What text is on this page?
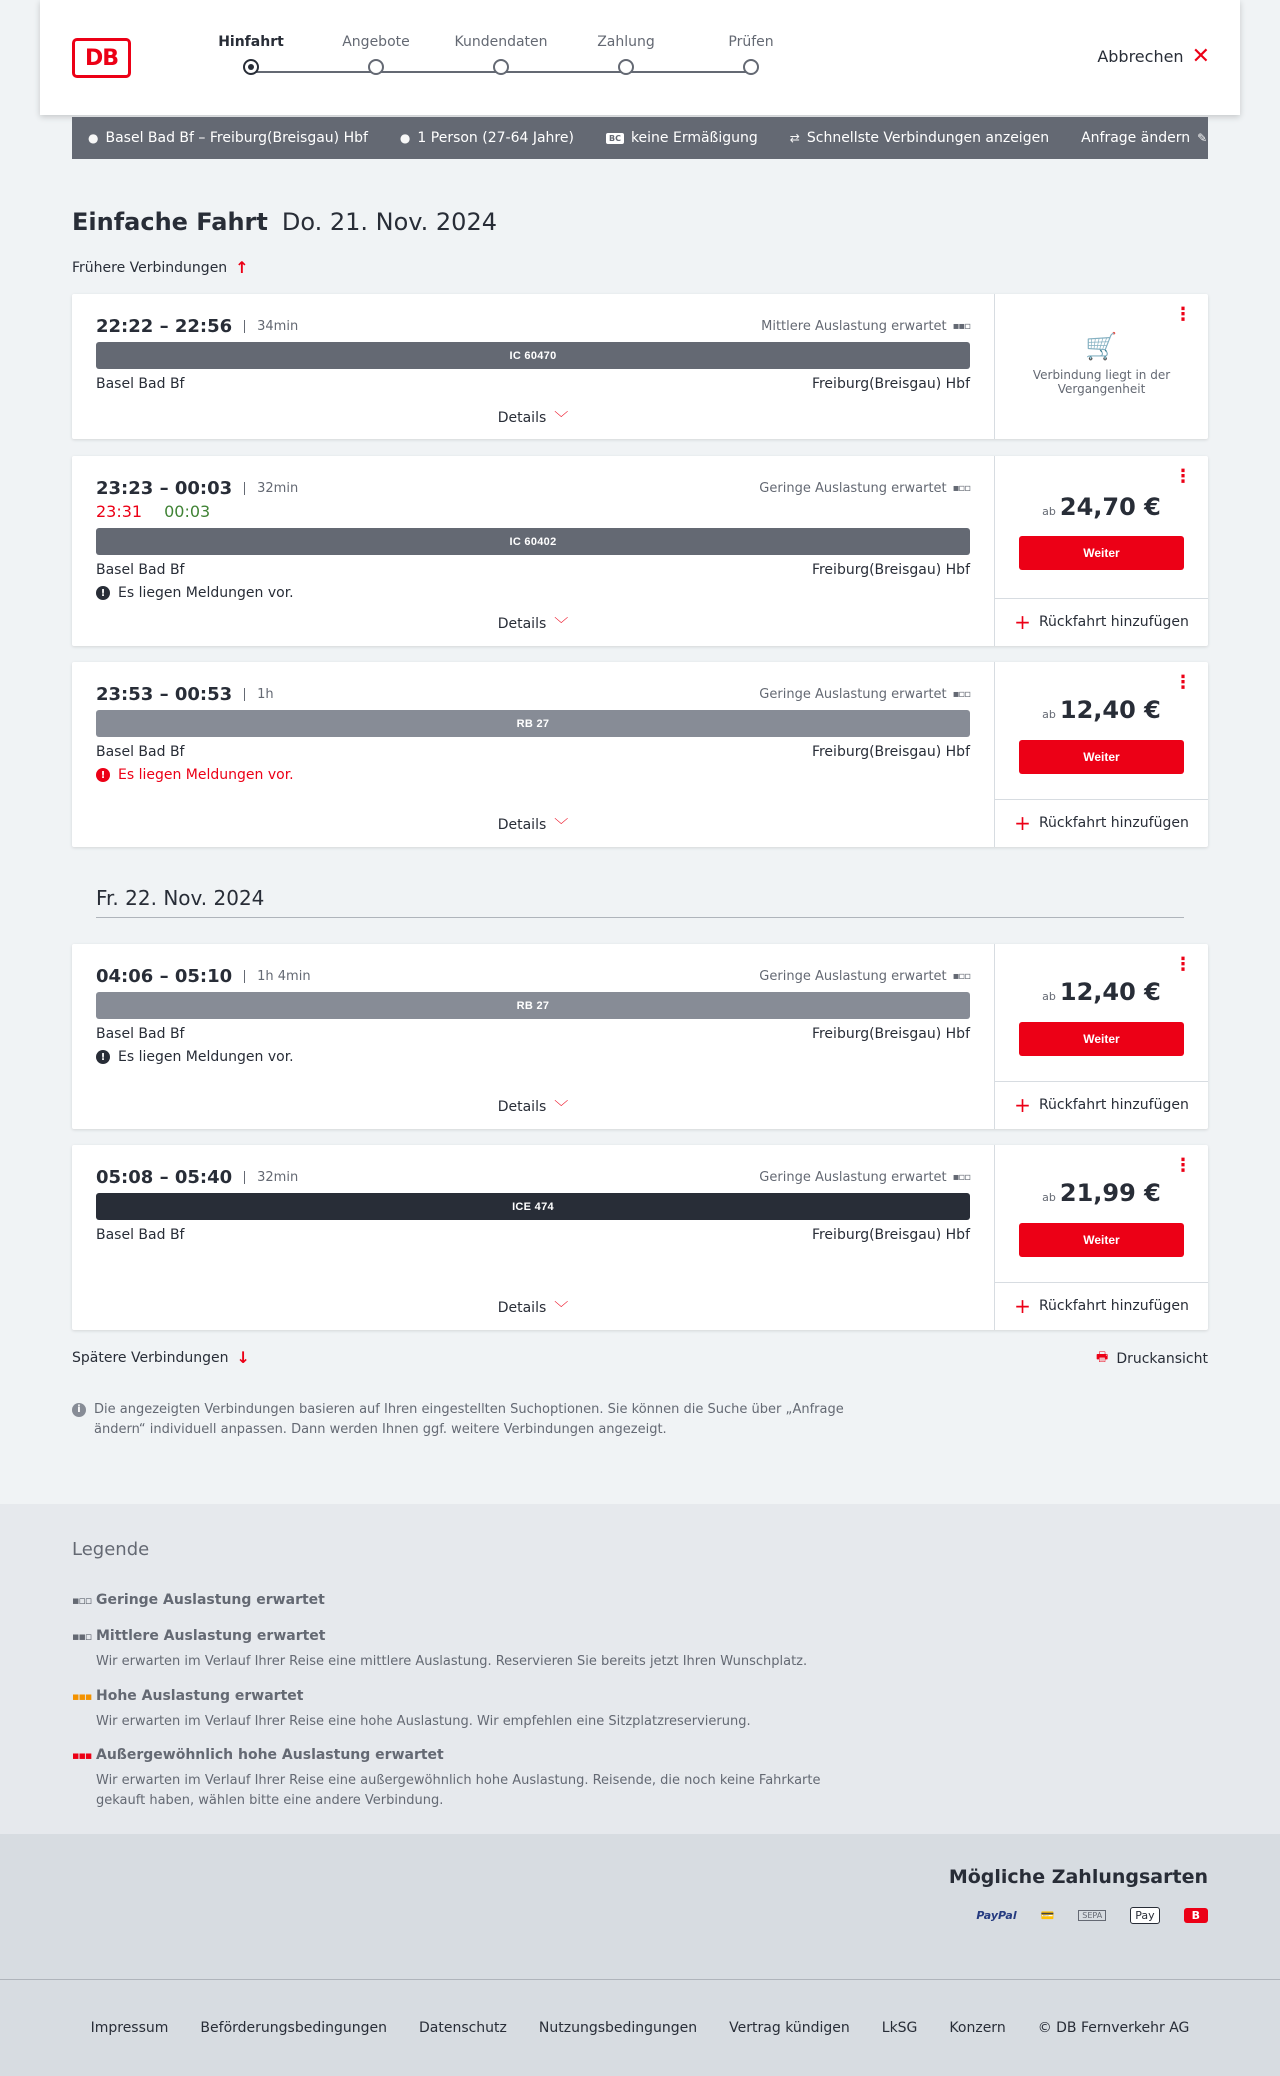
DB
Hinfahrt	Angebote	Kundendaten	Zahlung	Prüfen
Abbrechen ✕
● Basel Bad Bf – Freiburg(Breisgau) Hbf	● 1 Person (27-64 Jahre)	BC keine Ermäßigung	⇄ Schnellste Verbindungen anzeigen Anfrage ändern ✎
Einfache Fahrt Do. 21. Nov. 2024
Frühere Verbindungen ↑
22:22 – 22:56	34min	Mittlere Auslastung erwartet ▪▪▫
IC 60470
Basel Bad Bf	Freiburg(Breisgau) Hbf
Details ﹀
⋮
🛒
Verbindung liegt in der Vergangenheit
23:23 – 00:03	32min	Geringe Auslastung erwartet ▪▫▫
23:31 00:03
IC 60402
Basel Bad Bf	Freiburg(Breisgau) Hbf
! Es liegen Meldungen vor.
Details ﹀
⋮
ab 24,70 €
Weiter
+ Rückfahrt hinzufügen
23:53 – 00:53	1h	Geringe Auslastung erwartet ▪▫▫
RB 27
Basel Bad Bf	Freiburg(Breisgau) Hbf
! Es liegen Meldungen vor.
Details ﹀
⋮
ab 12,40 €
Weiter
+ Rückfahrt hinzufügen
Fr. 22. Nov. 2024
04:06 – 05:10	1h 4min	Geringe Auslastung erwartet ▪▫▫
RB 27
Basel Bad Bf	Freiburg(Breisgau) Hbf
! Es liegen Meldungen vor.
Details ﹀
⋮
ab 12,40 €
Weiter
+ Rückfahrt hinzufügen
05:08 – 05:40	32min	Geringe Auslastung erwartet ▪▫▫
ICE 474
Basel Bad Bf	Freiburg(Breisgau) Hbf
Details ﹀
⋮
ab 21,99 €
Weiter
+ Rückfahrt hinzufügen
Spätere Verbindungen ↓	🖶 Druckansicht
i	Die angezeigten Verbindungen basieren auf Ihren eingestellten Suchoptionen. Sie können die Suche über „Anfrage ändern“ individuell anpassen. Dann werden Ihnen ggf. weitere Verbindungen angezeigt.
Legende
▪▫▫ Geringe Auslastung erwartet
▪▪▫ Mittlere Auslastung erwartet
Wir erwarten im Verlauf Ihrer Reise eine mittlere Auslastung. Reservieren Sie bereits jetzt Ihren Wunschplatz.
▪▪▪ Hohe Auslastung erwartet
Wir erwarten im Verlauf Ihrer Reise eine hohe Auslastung. Wir empfehlen eine Sitzplatzreservierung.
▪▪▪ Außergewöhnlich hohe Auslastung erwartet
Wir erwarten im Verlauf Ihrer Reise eine außergewöhnlich hohe Auslastung. Reisende, die noch keine Fahrkarte gekauft haben, wählen bitte eine andere Verbindung.
Mögliche Zahlungsarten
PayPal 💳	SEPA	Pay	B
Impressum Beförderungsbedingungen Datenschutz Nutzungsbedingungen Vertrag kündigen LkSG Konzern © DB Fernverkehr AG
